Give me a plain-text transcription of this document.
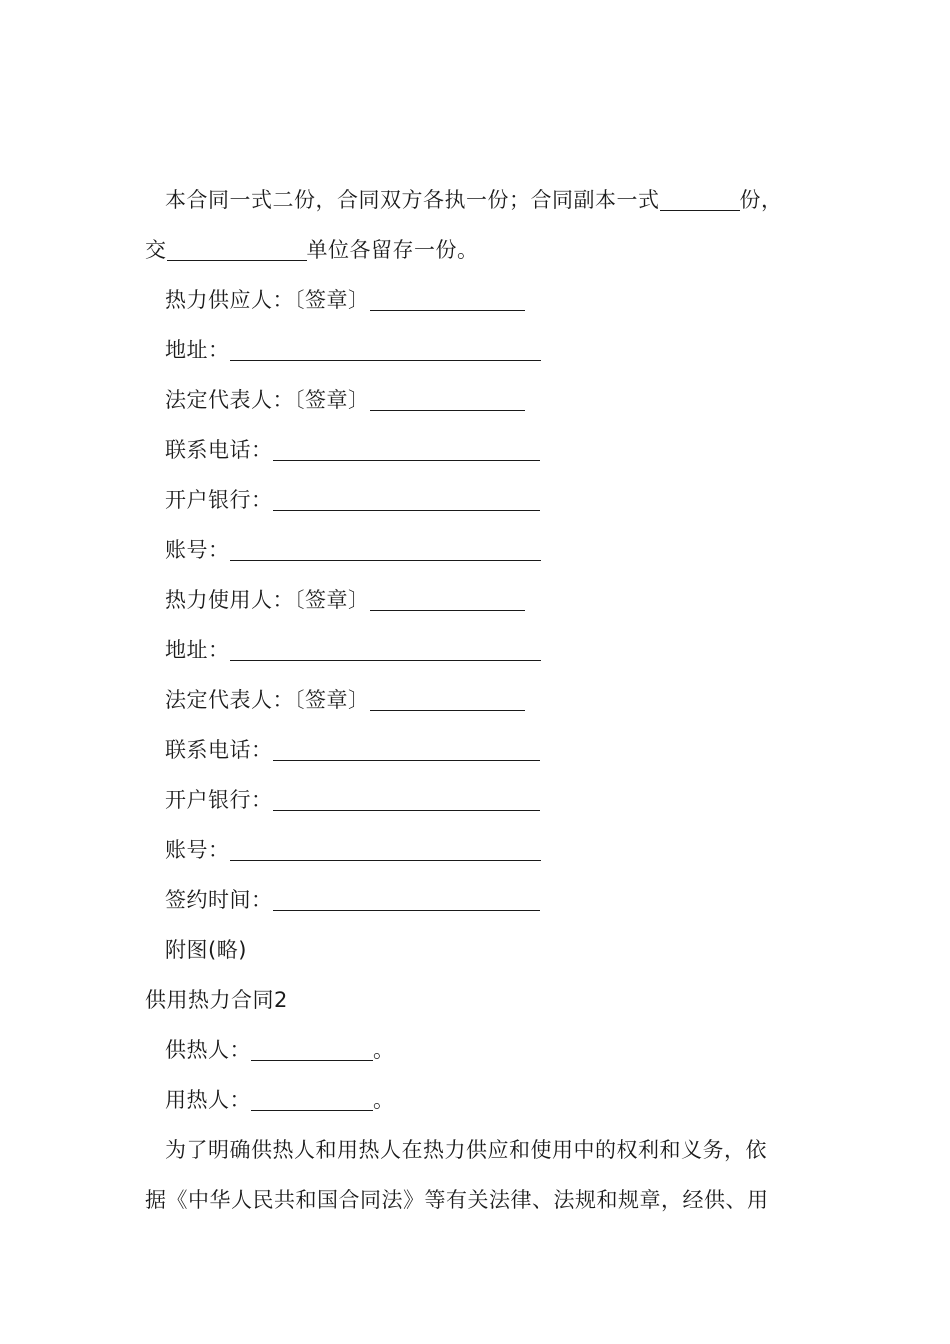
本合同一式二份，合同双方各执一份；合同副本一式	份，
交	单位各留存一份。
热力供应人：〔签章〕
地址：
法定代表人：〔签章〕
联系电话：
开户银行：
账号：
热力使用人：〔签章〕
地址：
法定代表人：〔签章〕
联系电话：
开户银行：
账号：
签约时间：
附图(略)
供用热力合同2
供热人：	。
用热人：	。
为了明确供热人和用热人在热力供应和使用中的权利和义务，依
据《中华人民共和国合同法》等有关法律、法规和规章，经供、用
